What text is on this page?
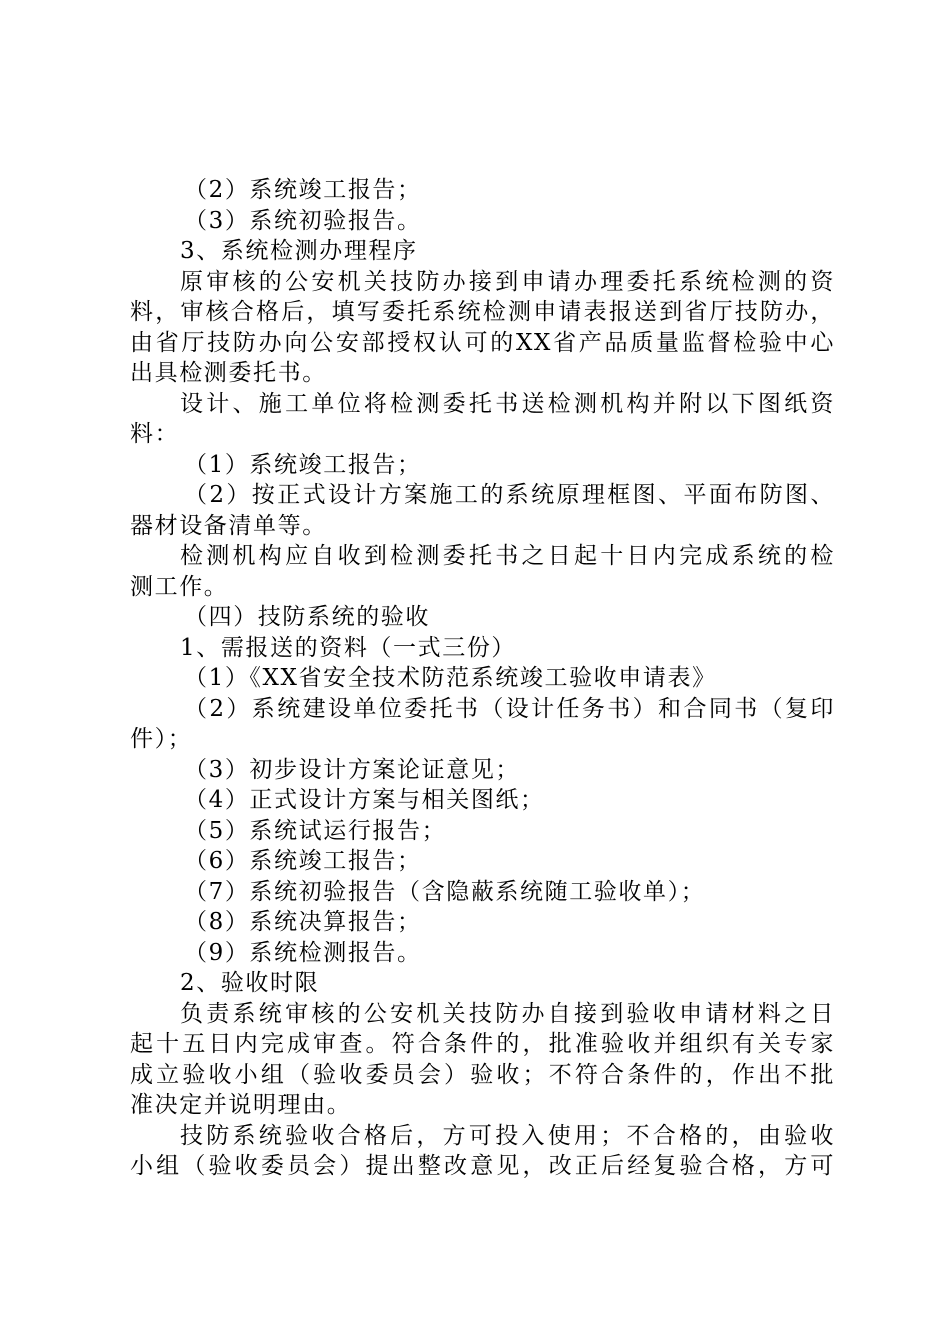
（2）系统竣工报告；
（3）系统初验报告。
3、系统检测办理程序
原审核的公安机关技防办接到申请办理委托系统检测的资
料，审核合格后，填写委托系统检测申请表报送到省厅技防办，
由省厅技防办向公安部授权认可的XX省产品质量监督检验中心
出具检测委托书。
设计、施工单位将检测委托书送检测机构并附以下图纸资
料：
（1）系统竣工报告；
（2）按正式设计方案施工的系统原理框图、平面布防图、
器材设备清单等。
检测机构应自收到检测委托书之日起十日内完成系统的检
测工作。
（四）技防系统的验收
1、需报送的资料（一式三份）
（1）《XX省安全技术防范系统竣工验收申请表》
（2）系统建设单位委托书（设计任务书）和合同书（复印
件）；
（3）初步设计方案论证意见；
（4）正式设计方案与相关图纸；
（5）系统试运行报告；
（6）系统竣工报告；
（7）系统初验报告（含隐蔽系统随工验收单）；
（8）系统决算报告；
（9）系统检测报告。
2、验收时限
负责系统审核的公安机关技防办自接到验收申请材料之日
起十五日内完成审查。符合条件的，批准验收并组织有关专家
成立验收小组（验收委员会）验收；不符合条件的，作出不批
准决定并说明理由。
技防系统验收合格后，方可投入使用；不合格的，由验收
小组（验收委员会）提出整改意见，改正后经复验合格，方可
